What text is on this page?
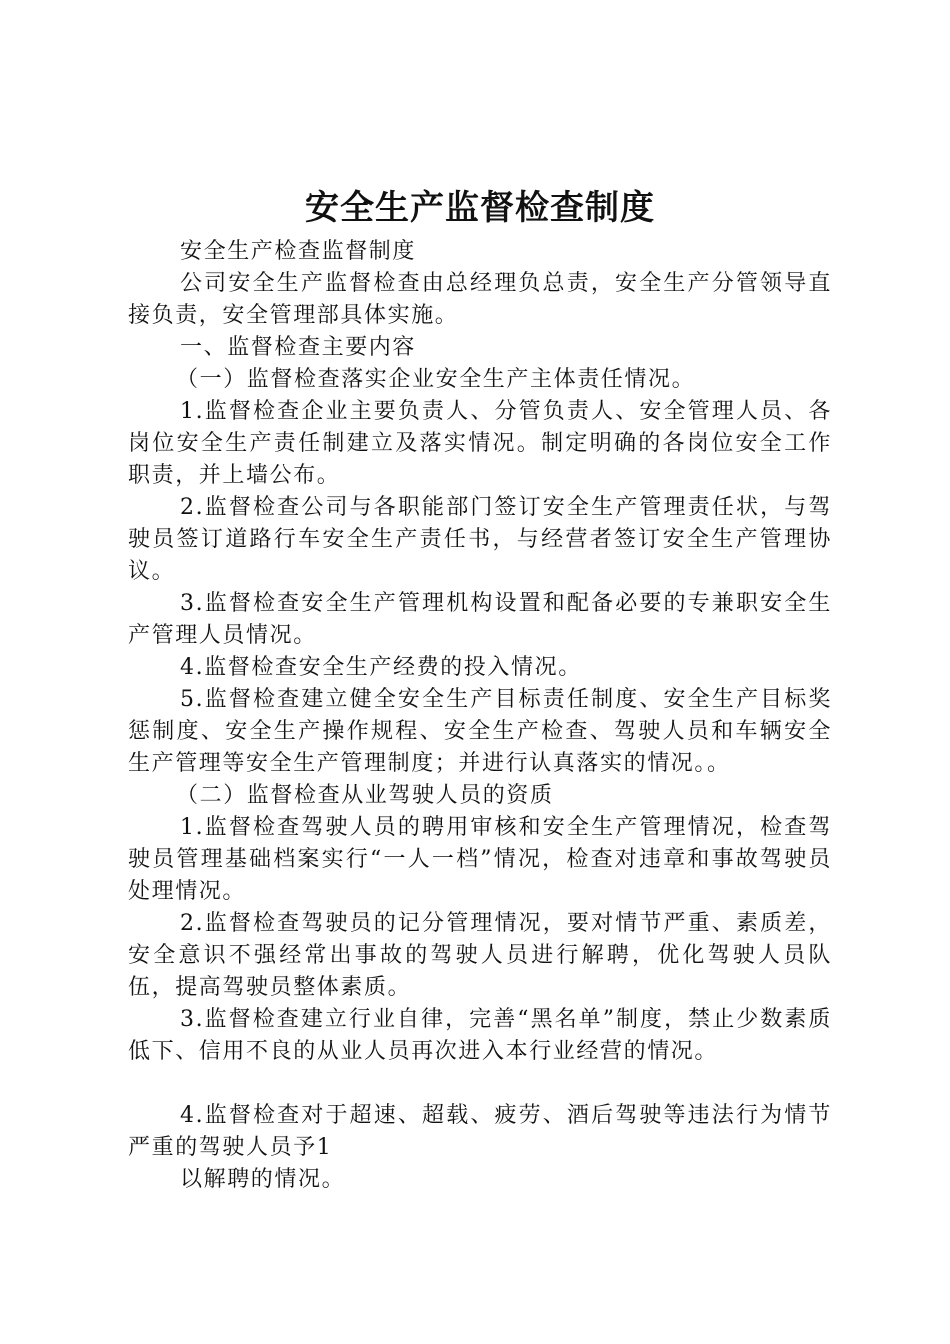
安全生产监督检查制度

安全生产检查监督制度

公司安全生产监督检查由总经理负总责，安全生产分管领导直接负责，安全管理部具体实施。

一、监督检查主要内容

（一）监督检查落实企业安全生产主体责任情况。

1.监督检查企业主要负责人、分管负责人、安全管理人员、各岗位安全生产责任制建立及落实情况。制定明确的各岗位安全工作职责，并上墙公布。

2.监督检查公司与各职能部门签订安全生产管理责任状，与驾驶员签订道路行车安全生产责任书，与经营者签订安全生产管理协议。

3.监督检查安全生产管理机构设置和配备必要的专兼职安全生产管理人员情况。

4.监督检查安全生产经费的投入情况。

5.监督检查建立健全安全生产目标责任制度、安全生产目标奖惩制度、安全生产操作规程、安全生产检查、驾驶人员和车辆安全生产管理等安全生产管理制度；并进行认真落实的情况。。

（二）监督检查从业驾驶人员的资质

1.监督检查驾驶人员的聘用审核和安全生产管理情况，检查驾驶员管理基础档案实行“一人一档”情况，检查对违章和事故驾驶员处理情况。

2.监督检查驾驶员的记分管理情况，要对情节严重、素质差，安全意识不强经常出事故的驾驶人员进行解聘，优化驾驶人员队伍，提高驾驶员整体素质。

3.监督检查建立行业自律，完善“黑名单”制度，禁止少数素质低下、信用不良的从业人员再次进入本行业经营的情况。

4.监督检查对于超速、超载、疲劳、酒后驾驶等违法行为情节严重的驾驶人员予1

以解聘的情况。
